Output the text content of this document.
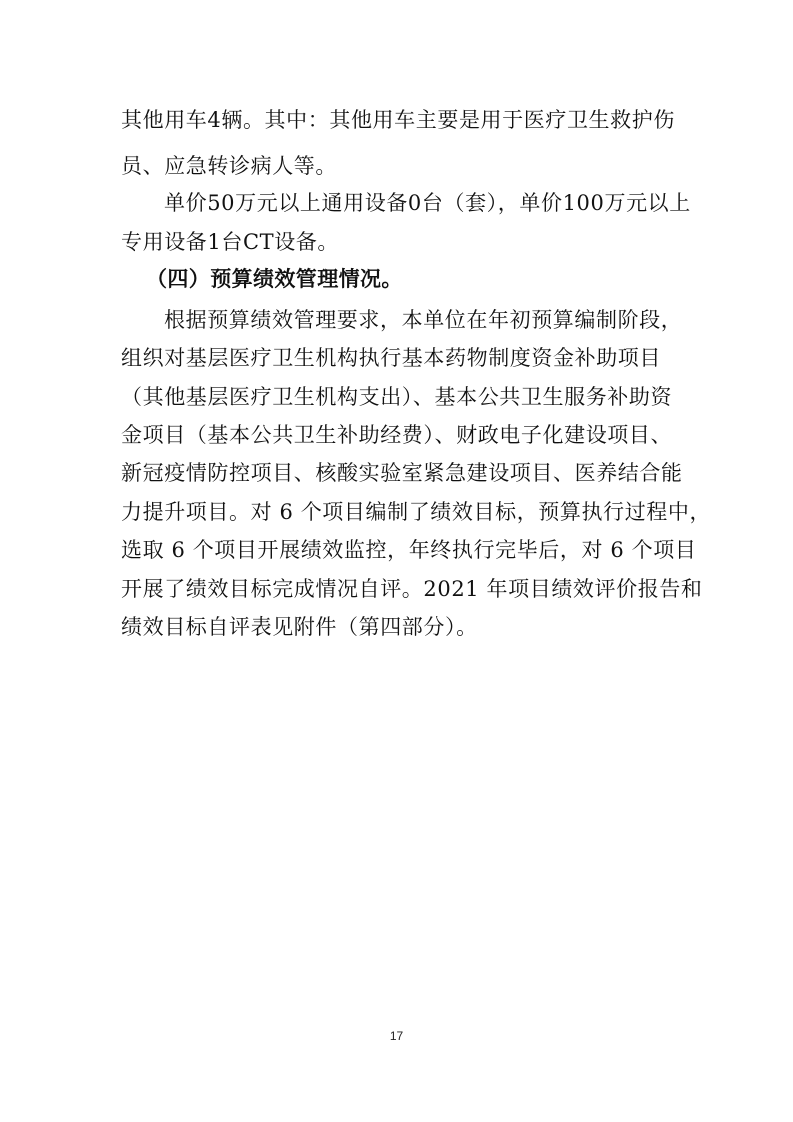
其他用车4辆。其中：其他用车主要是用于医疗卫生救护伤
员、应急转诊病人等。
单价50万元以上通用设备0台（套），单价100万元以上
专用设备1台CT设备。
（四）预算绩效管理情况。
根据预算绩效管理要求，本单位在年初预算编制阶段，
组织对基层医疗卫生机构执行基本药物制度资金补助项目
（其他基层医疗卫生机构支出）、基本公共卫生服务补助资
金项目（基本公共卫生补助经费）、财政电子化建设项目、
新冠疫情防控项目、核酸实验室紧急建设项目、医养结合能
力提升项目。对 6 个项目编制了绩效目标，预算执行过程中，
选取 6 个项目开展绩效监控，年终执行完毕后，对 6 个项目
开展了绩效目标完成情况自评。2021 年项目绩效评价报告和
绩效目标自评表见附件（第四部分）。
17
